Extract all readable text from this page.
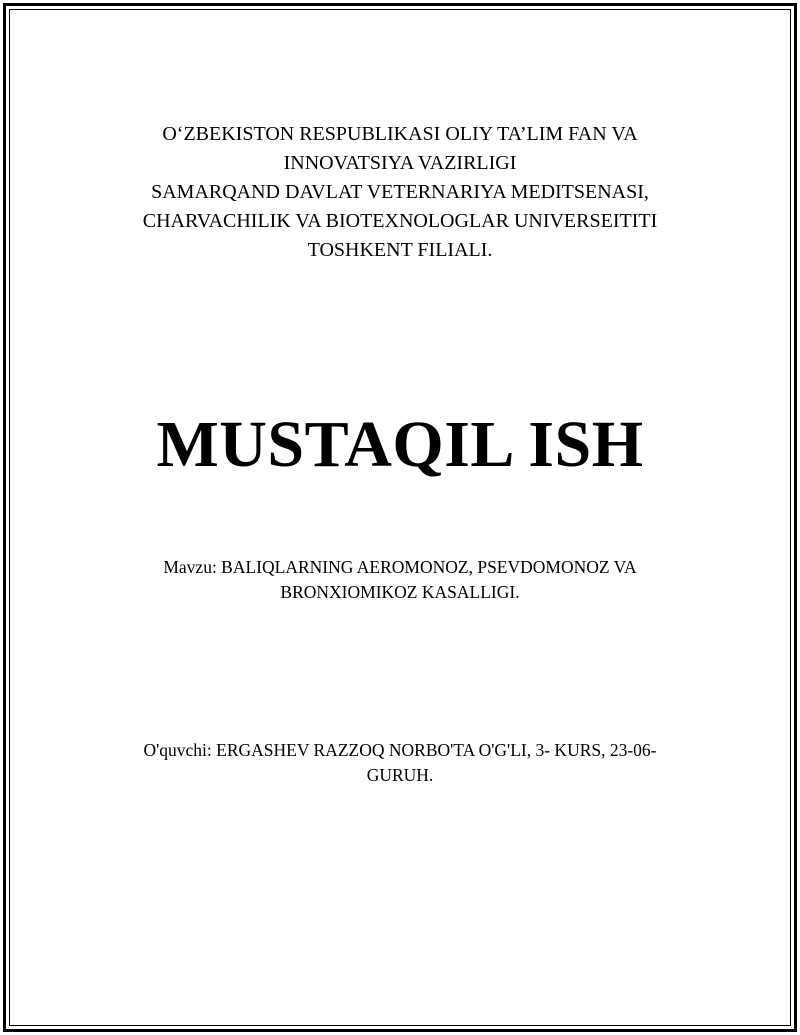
O‘ZBEKISTON RESPUBLIKASI OLIY TA’LIM FAN VA
INNOVATSIYA VAZIRLIGI
SAMARQAND DAVLAT VETERNARIYA MEDITSENASI,
CHARVACHILIK VA BIOTEXNOLOGLAR UNIVERSEITITI
TOSHKENT FILIALI.
MUSTAQIL ISH
Mavzu: BALIQLARNING AEROMONOZ, PSEVDOMONOZ VA
BRONXIOMIKOZ KASALLIGI.
O'quvchi: ERGASHEV RAZZOQ NORBO'TA O'G'LI, 3- KURS, 23-06-
GURUH.
